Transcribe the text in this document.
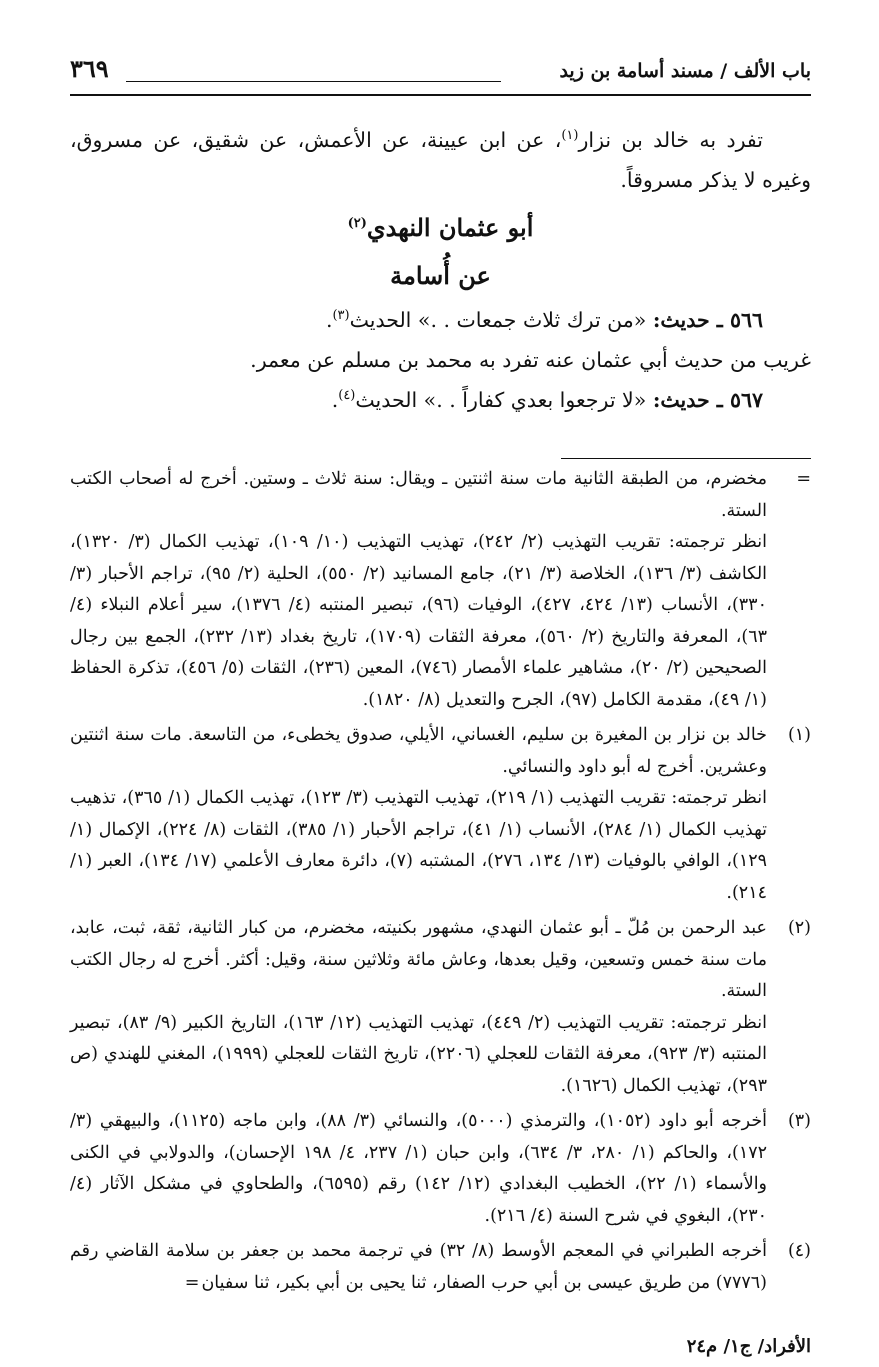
باب الألف / مسند أسامة بن زيد
٣٦٩

تفرد به خالد بن نزار$^{(١)}$، عن ابن عيينة، عن الأعمش، عن شقيق، عن مسروق، وغيره لا يذكر مسروقاً.

أبو عثمان النهدي$^{(٢)}$

عن أُسامة

٥٦٦ ـ حديث: «من ترك ثلاث جمعات . .» الحديث$^{(٣)}$.

غريب من حديث أبي عثمان عنه تفرد به محمد بن مسلم عن معمر.

٥٦٧ ـ حديث: «لا ترجعوا بعدي كفاراً . .» الحديث$^{(٤)}$.

=
مخضرم، من الطبقة الثانية مات سنة اثنتين ـ ويقال: سنة ثلاث ـ وستين. أخرج له أصحاب الكتب الستة.

انظر ترجمته: تقريب التهذيب (٢/ ٢٤٢)، تهذيب التهذيب (١٠/ ١٠٩)، تهذيب الكمال (٣/ ١٣٢٠)، الكاشف (٣/ ١٣٦)، الخلاصة (٣/ ٢١)، جامع المسانيد (٢/ ٥٥٠)، الحلية (٢/ ٩٥)، تراجم الأحبار (٣/ ٣٣٠)، الأنساب (١٣/ ٤٢٤، ٤٢٧)، الوفيات (٩٦)، تبصير المنتبه (٤/ ١٣٧٦)، سير أعلام النبلاء (٤/ ٦٣)، المعرفة والتاريخ (٢/ ٥٦٠)، معرفة الثقات (١٧٠٩)، تاريخ بغداد (١٣/ ٢٣٢)، الجمع بين رجال الصحيحين (٢/ ٢٠)، مشاهير علماء الأمصار (٧٤٦)، المعين (٢٣٦)، الثقات (٥/ ٤٥٦)، تذكرة الحفاظ (١/ ٤٩)، مقدمة الكامل (٩٧)، الجرح والتعديل (٨/ ١٨٢٠).

(١)
خالد بن نزار بن المغيرة بن سليم، الغساني، الأيلي، صدوق يخطىء، من التاسعة. مات سنة اثنتين وعشرين. أخرج له أبو داود والنسائي.

انظر ترجمته: تقريب التهذيب (١/ ٢١٩)، تهذيب التهذيب (٣/ ١٢٣)، تهذيب الكمال (١/ ٣٦٥)، تذهيب تهذيب الكمال (١/ ٢٨٤)، الأنساب (١/ ٤١)، تراجم الأحبار (١/ ٣٨٥)، الثقات (٨/ ٢٢٤)، الإكمال (١/ ١٢٩)، الوافي بالوفيات (١٣/ ١٣٤، ٢٧٦)، المشتبه (٧)، دائرة معارف الأعلمي (١٧/ ١٣٤)، العبر (١/ ٢١٤).

(٢)
عبد الرحمن بن مُلّ ـ أبو عثمان النهدي، مشهور بكنيته، مخضرم، من كبار الثانية، ثقة، ثبت، عابد، مات سنة خمس وتسعين، وقيل بعدها، وعاش مائة وثلاثين سنة، وقيل: أكثر. أخرج له رجال الكتب الستة.

انظر ترجمته: تقريب التهذيب (٢/ ٤٤٩)، تهذيب التهذيب (١٢/ ١٦٣)، التاريخ الكبير (٩/ ٨٣)، تبصير المنتبه (٣/ ٩٢٣)، معرفة الثقات للعجلي (٢٢٠٦)، تاريخ الثقات للعجلي (١٩٩٩)، المغني للهندي (ص ٢٩٣)، تهذيب الكمال (١٦٢٦).

(٣)
أخرجه أبو داود (١٠٥٢)، والترمذي (٥٠٠٠)، والنسائي (٣/ ٨٨)، وابن ماجه (١١٢٥)، والبيهقي (٣/ ١٧٢)، والحاكم (١/ ٢٨٠، ٣/ ٦٣٤)، وابن حبان (١/ ٢٣٧، ٤/ ١٩٨ الإحسان)، والدولابي في الكنى والأسماء (١/ ٢٢)، الخطيب البغدادي (١٢/ ١٤٢) رقم (٦٥٩٥)، والطحاوي في مشكل الآثار (٤/ ٢٣٠)، البغوي في شرح السنة (٤/ ٢١٦).

(٤)
أخرجه الطبراني في المعجم الأوسط (٨/ ٣٢) في ترجمة محمد بن جعفر بن سلامة القاضي رقم (٧٧٧٦) من طريق عيسى بن أبي حرب الصفار، ثنا يحيى بن أبي بكير، ثنا سفيان=

الأفراد/ ج١/ م٢٤
